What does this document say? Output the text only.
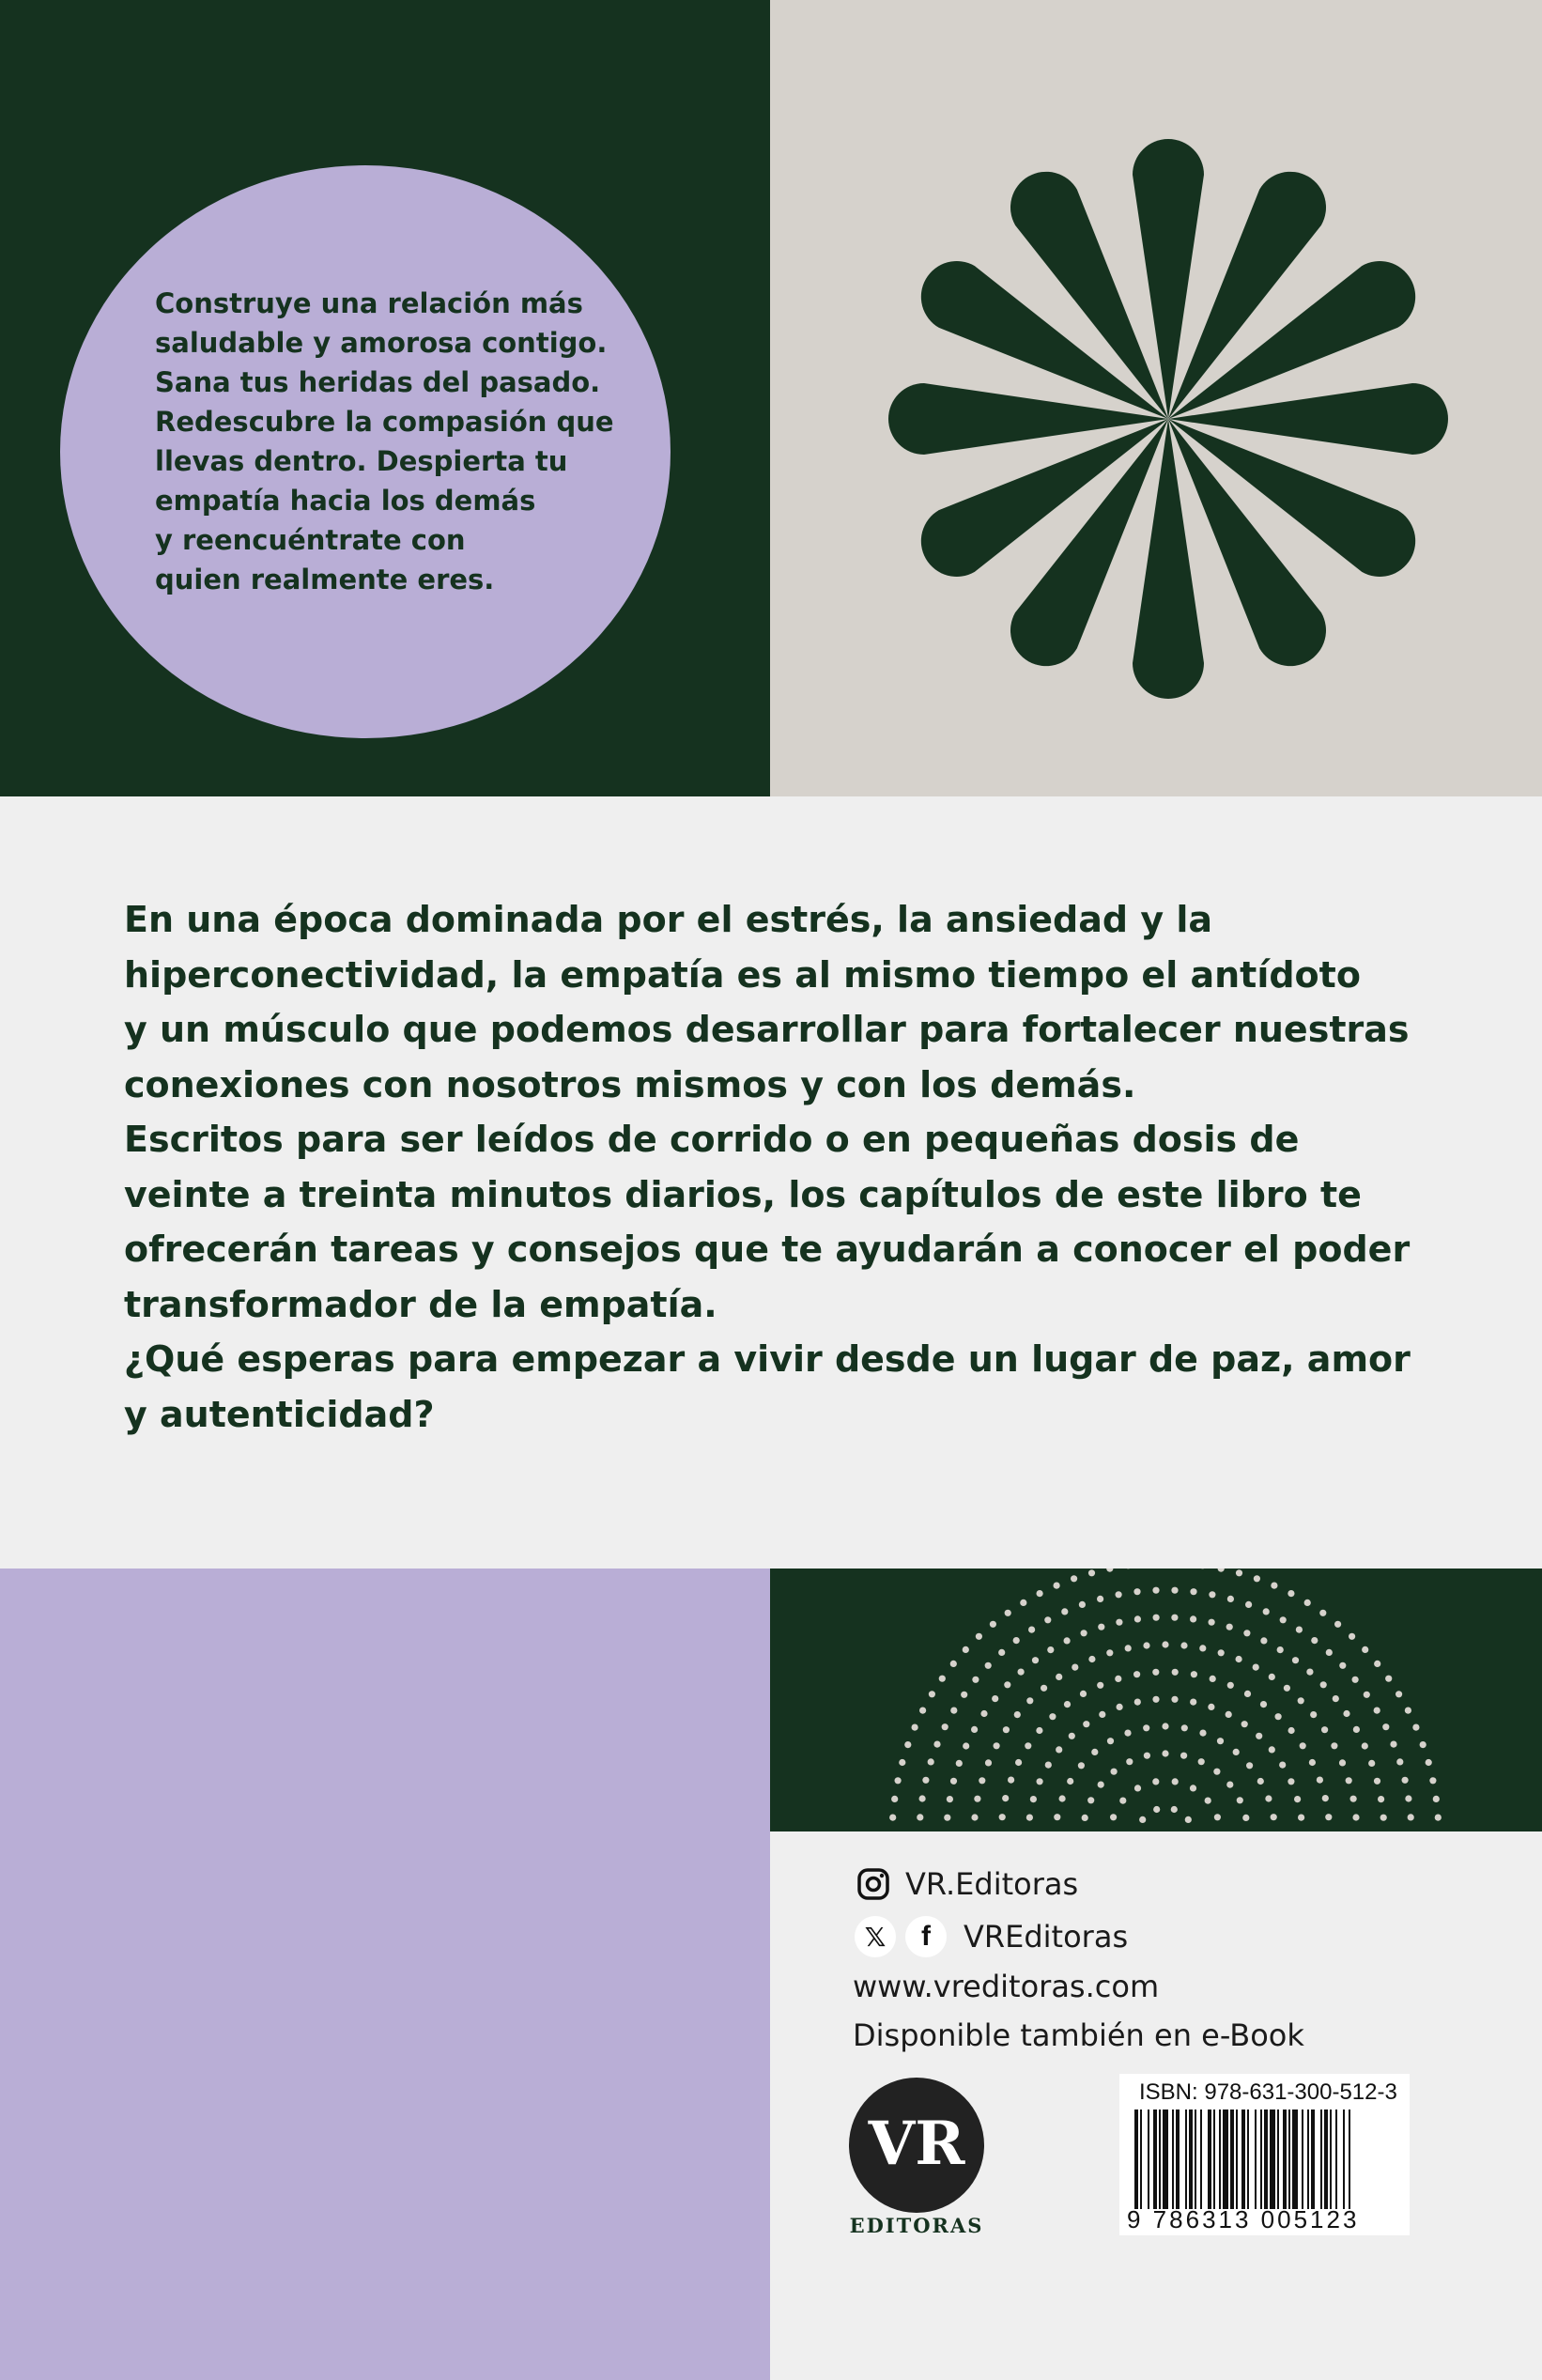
Construye una relación más
saludable y amorosa contigo.
Sana tus heridas del pasado.
Redescubre la compasión que
llevas dentro. Despierta tu
empatía hacia los demás
y reencuéntrate con
quien realmente eres.

En una época dominada por el estrés, la ansiedad y la
hiperconectividad, la empatía es al mismo tiempo el antídoto
y un músculo que podemos desarrollar para fortalecer nuestras
conexiones con nosotros mismos y con los demás.

Escritos para ser leídos de corrido o en pequeñas dosis de
veinte a treinta minutos diarios, los capítulos de este libro te
ofrecerán tareas y consejos que te ayudarán a conocer el poder
transformador de la empatía.

¿Qué esperas para empezar a vivir desde un lugar de paz, amor
y autenticidad?

VR.Editoras
𝕏	f	VREditoras
www.vreditoras.com
Disponible también en e-Book
VR
EDITORAS
ISBN: 978-631-300-512-3
9 786313 005123
